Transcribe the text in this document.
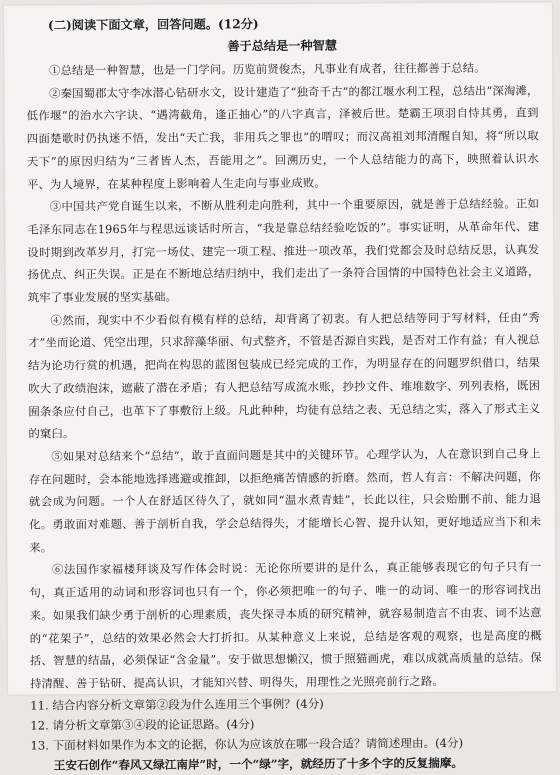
(二)阅读下面文章，回答问题。(12分)

善于总结是一种智慧

①总结是一种智慧，也是一门学问。历览前贤俊杰，凡事业有成者，往往都善于总结。

②秦国蜀郡太守李冰潜心钻研水文，设计建造了“独奇千古”的都江堰水利工程，总结出“深淘滩，低作堰”的治水六字诀、“遇湾截角，逢正抽心”的八字真言，泽被后世。楚霸王项羽自恃其勇，直到四面楚歌时仍执迷不悟，发出“天亡我，非用兵之罪也”的喟叹；而汉高祖刘邦清醒自知，将“所以取天下”的原因归结为“三者皆人杰，吾能用之”。回溯历史，一个人总结能力的高下，映照着认识水平、为人境界，在某种程度上影响着人生走向与事业成败。

③中国共产党自诞生以来，不断从胜利走向胜利，其中一个重要原因，就是善于总结经验。正如毛泽东同志在1965年与程思远谈话时所言，“我是靠总结经验吃饭的”。事实证明，从革命年代、建设时期到改革岁月，打完一场仗、建完一项工程、推进一项改革，我们党都会及时总结反思，认真发扬优点、纠正失误。正是在不断地总结归纳中，我们走出了一条符合国情的中国特色社会主义道路，筑牢了事业发展的坚实基础。

④然而，现实中不少看似有模有样的总结，却背离了初衷。有人把总结等同于写材料，任由“秀才”坐而论道、凭空出理，只求辞藻华丽、句式整齐，不管是否源自实践，是否对工作有益；有人视总结为论功行赏的机遇，把尚在构思的蓝图包装成已经完成的工作，为明显存在的问题罗织借口，结果吹大了政绩泡沫，遮蔽了潜在矛盾；有人把总结写成流水账，抄抄文件、堆堆数字、列列表格，既困囿条条应付自己，也革下了事敷衍上级。凡此种种，均徒有总结之表、无总结之实，落入了形式主义的窠臼。

⑤如果对总结来个“总结”，敢于直面问题是其中的关键环节。心理学认为，人在意识到自己身上存在问题时，会本能地选择逃避或推卸，以拒绝痛苦情感的折磨。然而，哲人有言：不解决问题，你就会成为问题。一个人在舒适区待久了，就如同“温水煮青蛙”，长此以往，只会贻删不前、能力退化。勇敢面对难题、善于剖析自我，学会总结得失，才能增长心智、提升认知，更好地适应当下和未来。

⑥法国作家福楼拜谈及写作体会时说：无论你所要讲的是什么，真正能够表现它的句子只有一句，真正适用的动词和形容词也只有一个，你必须把唯一的句子、唯一的动词、唯一的形容词找出来。如果我们缺少勇于剖析的心理素质，丧失探寻本质的研究精神，就容易制造言不由衷、词不达意的“花架子”，总结的效果必然会大打折扣。从某种意义上来说，总结是客观的观察，也是高度的概括、智慧的结晶，必须保证“含金量”。安于做思想懒汉，惯于照猫画虎，难以成就高质量的总结。保持清醒、善于钻研、提高认识，才能知兴替、明得失，用理性之光照亮前行之路。

11. 结合内容分析文章第②段为什么连用三个事例？(4分)

12. 请分析文章第③④段的论证思路。(4分)

13. 下面材料如果作为本文的论据，你认为应该放在哪一段合适？请简述理由。(4分)

王安石创作“春风又绿江南岸”时，一个“绿”字，就经历了十多个字的反复揣摩。
